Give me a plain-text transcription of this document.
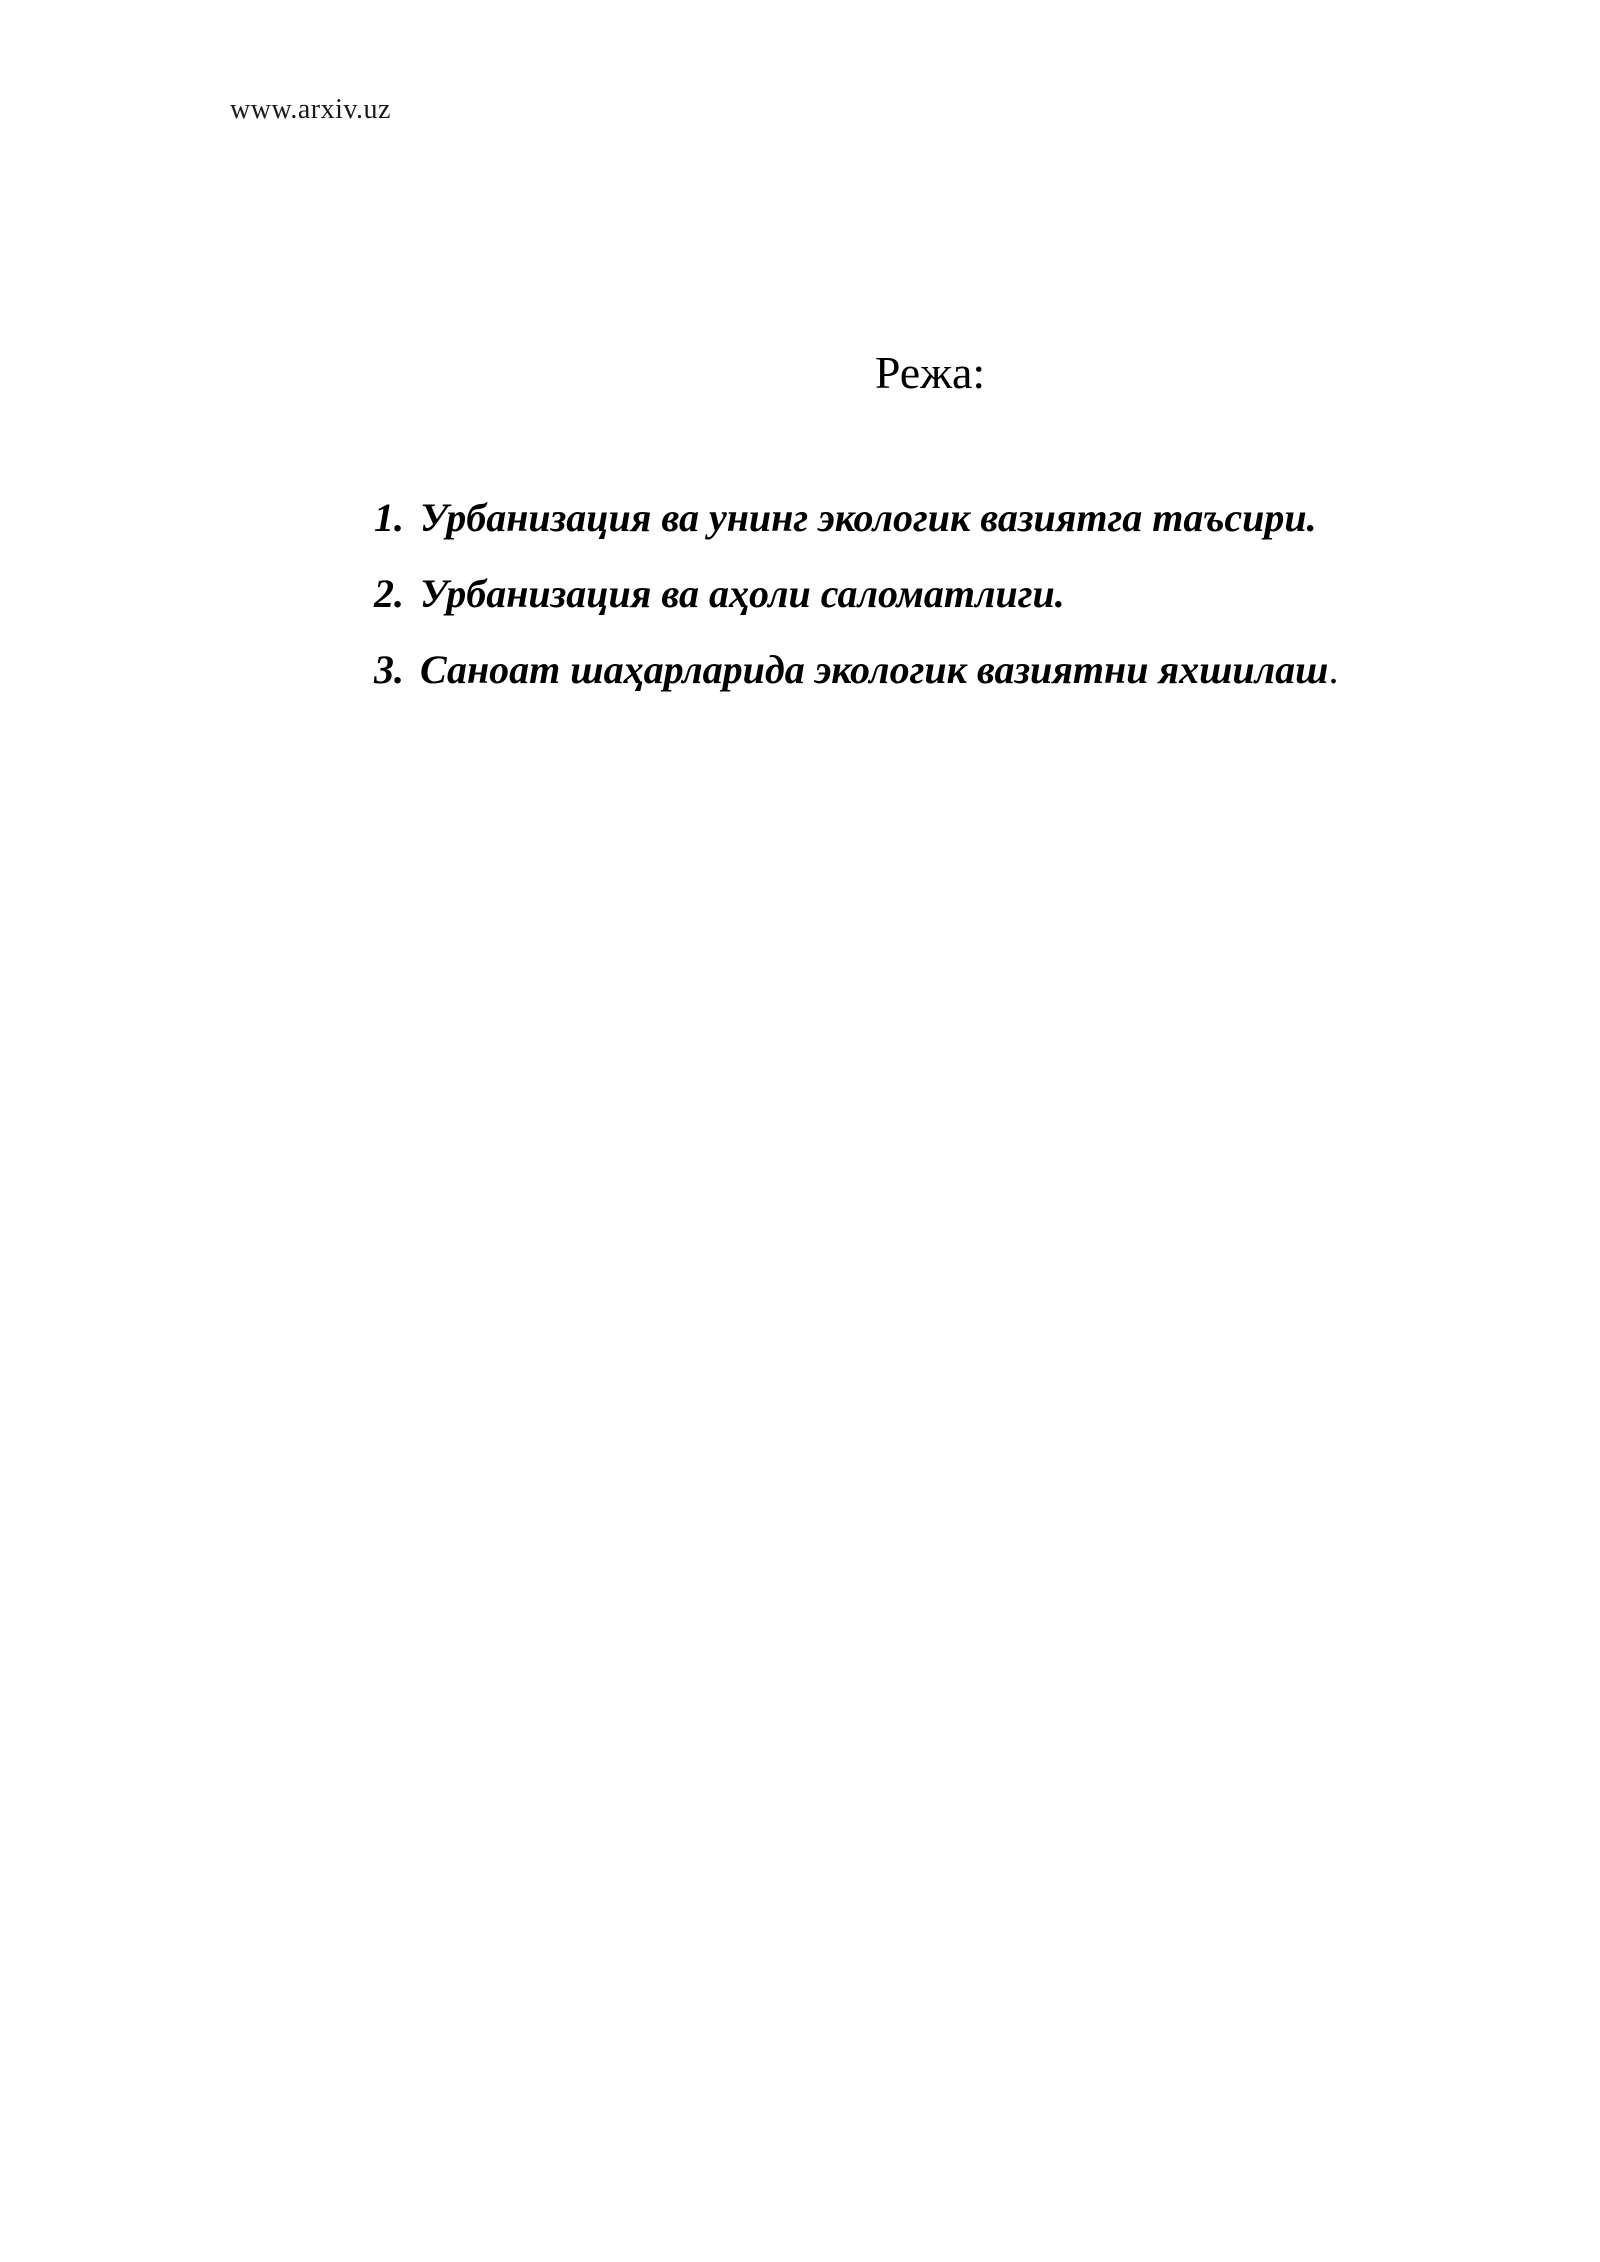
www.arxiv.uz
Режа:
1. Урбанизация ва унинг экологик вазиятга таъсири.
2. Урбанизация ва аҳоли саломатлиги.
3. Саноат шаҳарларида экологик вазиятни яхшилаш.
